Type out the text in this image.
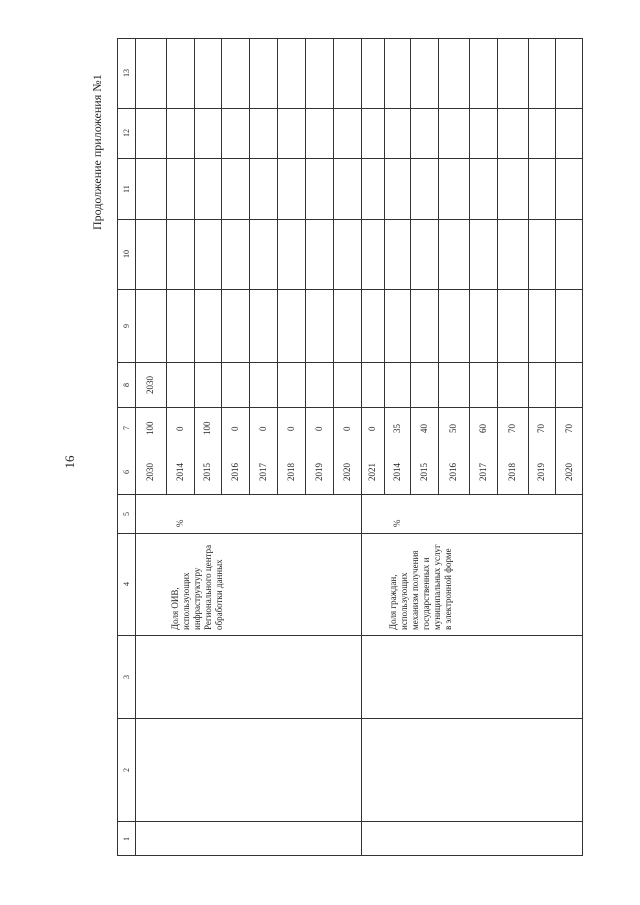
16
Продолжение приложения №1
1
2
3
4
5
6
7
8
9
10
11
12
13
2030
100
2030
2014
0
2015
100
2016
0
2017
0
2018
0
2019
0
2020
0
2021
0
2014
35
2015
40
2016
50
2017
60
2018
70
2019
70
2020
70
%	%
Доля ОИВ, использующих инфраструктуру Регионального центра обработки данных	Доля граждан, использующих механизм получения государственных и муниципальных услуг в электронной форме
